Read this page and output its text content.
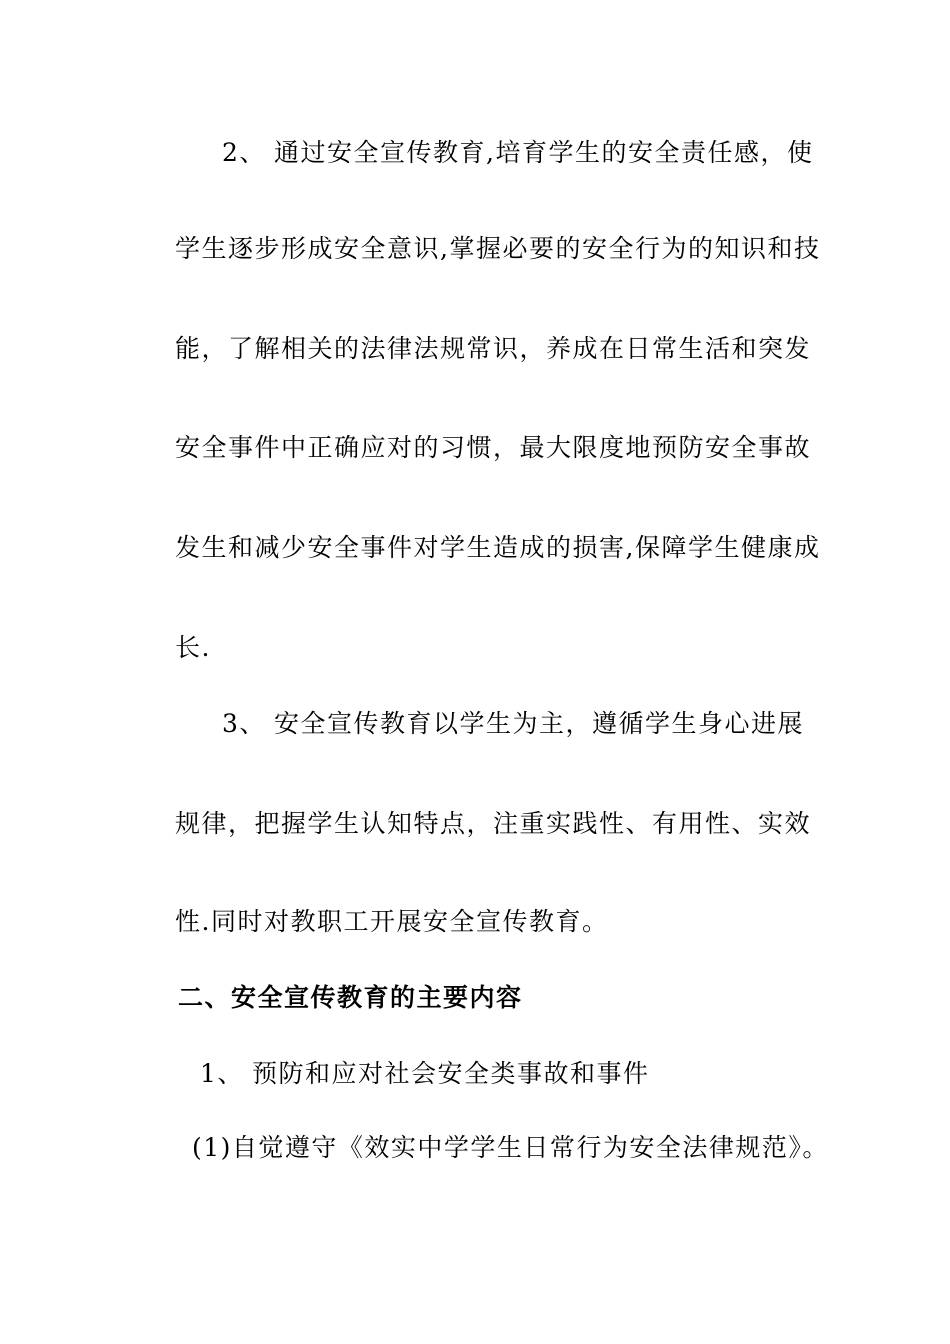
2、 通过安全宣传教育,培育学生的安全责任感，使
学生逐步形成安全意识,掌握必要的安全行为的知识和技
能，了解相关的法律法规常识，养成在日常生活和突发
安全事件中正确应对的习惯，最大限度地预防安全事故
发生和减少安全事件对学生造成的损害,保障学生健康成
长.
3、 安全宣传教育以学生为主，遵循学生身心进展
规律，把握学生认知特点，注重实践性、有用性、实效
性.同时对教职工开展安全宣传教育。
二、安全宣传教育的主要内容
1、 预防和应对社会安全类事故和事件
(1)自觉遵守《效实中学学生日常行为安全法律规范》。
